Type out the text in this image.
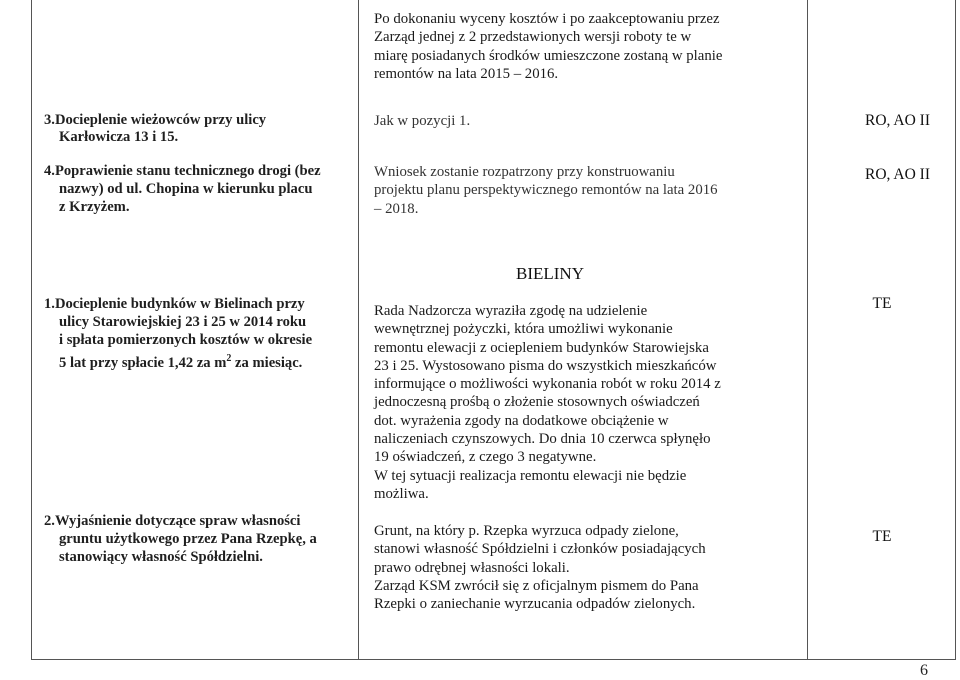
Po dokonaniu wyceny kosztów i po zaakceptowaniu przez
Zarząd jednej z 2 przedstawionych wersji roboty te w
miarę posiadanych środków umieszczone zostaną w planie
remontów na lata 2015 – 2016.
3.Docieplenie wieżowców przy ulicy
Karłowicza 13 i 15.
Jak w pozycji 1.	RO, AO II
4.Poprawienie stanu technicznego drogi (bez
nazwy) od ul. Chopina w kierunku placu
z Krzyżem.
Wniosek zostanie rozpatrzony przy konstruowaniu
projektu planu perspektywicznego remontów na lata 2016
– 2018.
RO, AO II
BIELINY
1.Docieplenie budynków w Bielinach przy
ulicy Starowiejskiej 23 i 25 w 2014 roku
i spłata pomierzonych kosztów w okresie
5 lat przy spłacie 1,42 za $m^2$ za miesiąc.
Rada Nadzorcza wyraziła zgodę na udzielenie
wewnętrznej pożyczki, która umożliwi wykonanie
remontu elewacji z ociepleniem budynków Starowiejska
23 i 25. Wystosowano pisma do wszystkich mieszkańców
informujące o możliwości wykonania robót w roku 2014 z
jednoczesną prośbą o złożenie stosownych oświadczeń
dot. wyrażenia zgody na dodatkowe obciążenie w
naliczeniach czynszowych. Do dnia 10 czerwca spłynęło
19 oświadczeń, z czego 3 negatywne.
W tej sytuacji realizacja remontu elewacji nie będzie
możliwa.
TE
2.Wyjaśnienie dotyczące spraw własności
gruntu użytkowego przez Pana Rzepkę, a
stanowiący własność Spółdzielni.
Grunt, na który p. Rzepka wyrzuca odpady zielone,
stanowi własność Spółdzielni i członków posiadających
prawo odrębnej własności lokali.
Zarząd KSM zwrócił się z oficjalnym pismem do Pana
Rzepki o zaniechanie wyrzucania odpadów zielonych.
TE
6
